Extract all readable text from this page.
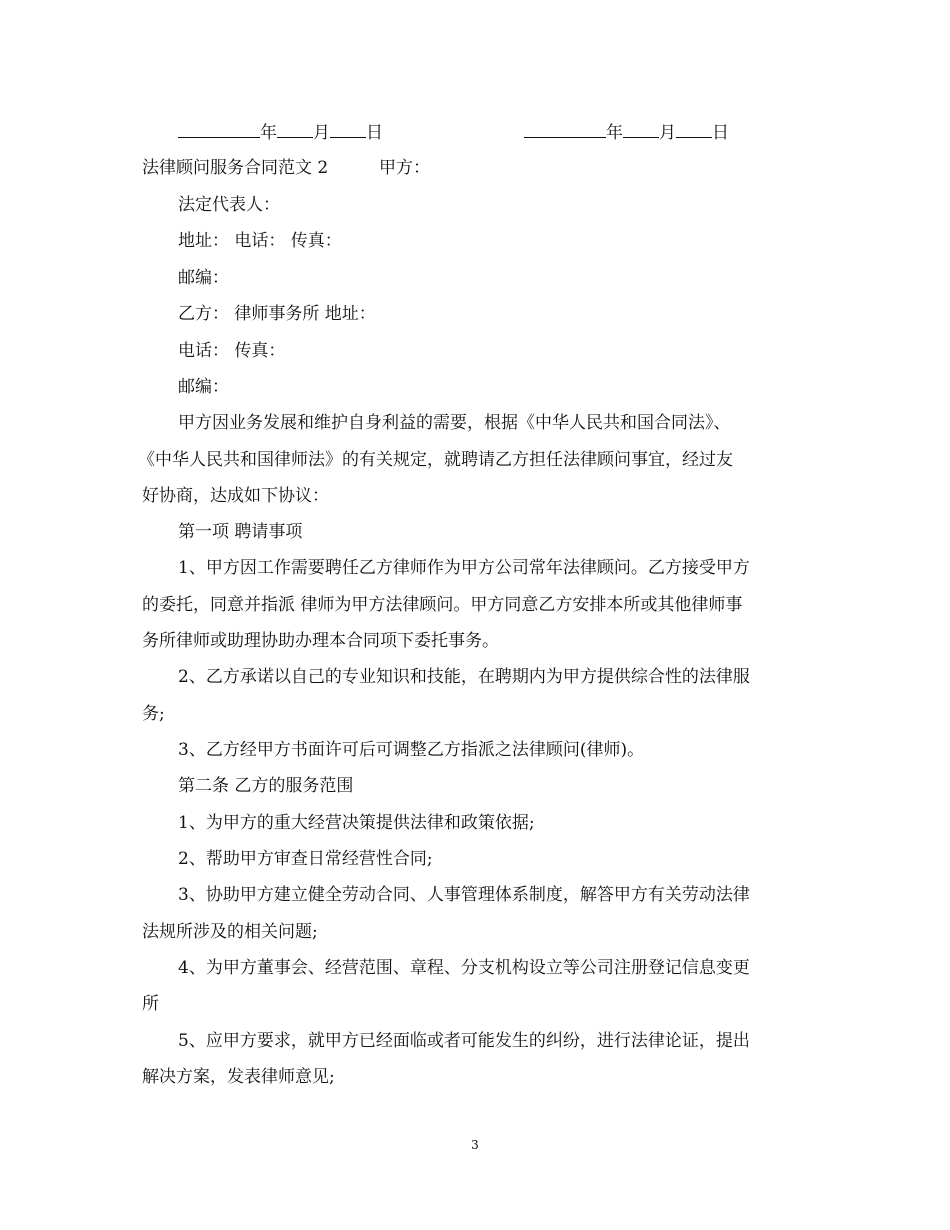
年 月 日	年 月 日
法律顾问服务合同范文 2	甲方：
法定代表人：
地址： 电话： 传真：
邮编：
乙方： 律师事务所 地址：
电话： 传真：
邮编：
甲方因业务发展和维护自身利益的需要，根据《中华人民共和国合同法》、
《中华人民共和国律师法》的有关规定，就聘请乙方担任法律顾问事宜，经过友
好协商，达成如下协议：
第一项 聘请事项
1、甲方因工作需要聘任乙方律师作为甲方公司常年法律顾问。乙方接受甲方
的委托，同意并指派 律师为甲方法律顾问。甲方同意乙方安排本所或其他律师事
务所律师或助理协助办理本合同项下委托事务。
2、乙方承诺以自己的专业知识和技能，在聘期内为甲方提供综合性的法律服
务;
3、乙方经甲方书面许可后可调整乙方指派之法律顾问(律师)。
第二条 乙方的服务范围
1、为甲方的重大经营决策提供法律和政策依据;
2、帮助甲方审查日常经营性合同;
3、协助甲方建立健全劳动合同、人事管理体系制度，解答甲方有关劳动法律
法规所涉及的相关问题;
4、为甲方董事会、经营范围、章程、分支机构设立等公司注册登记信息变更
所
5、应甲方要求，就甲方已经面临或者可能发生的纠纷，进行法律论证，提出
解决方案，发表律师意见;
3
